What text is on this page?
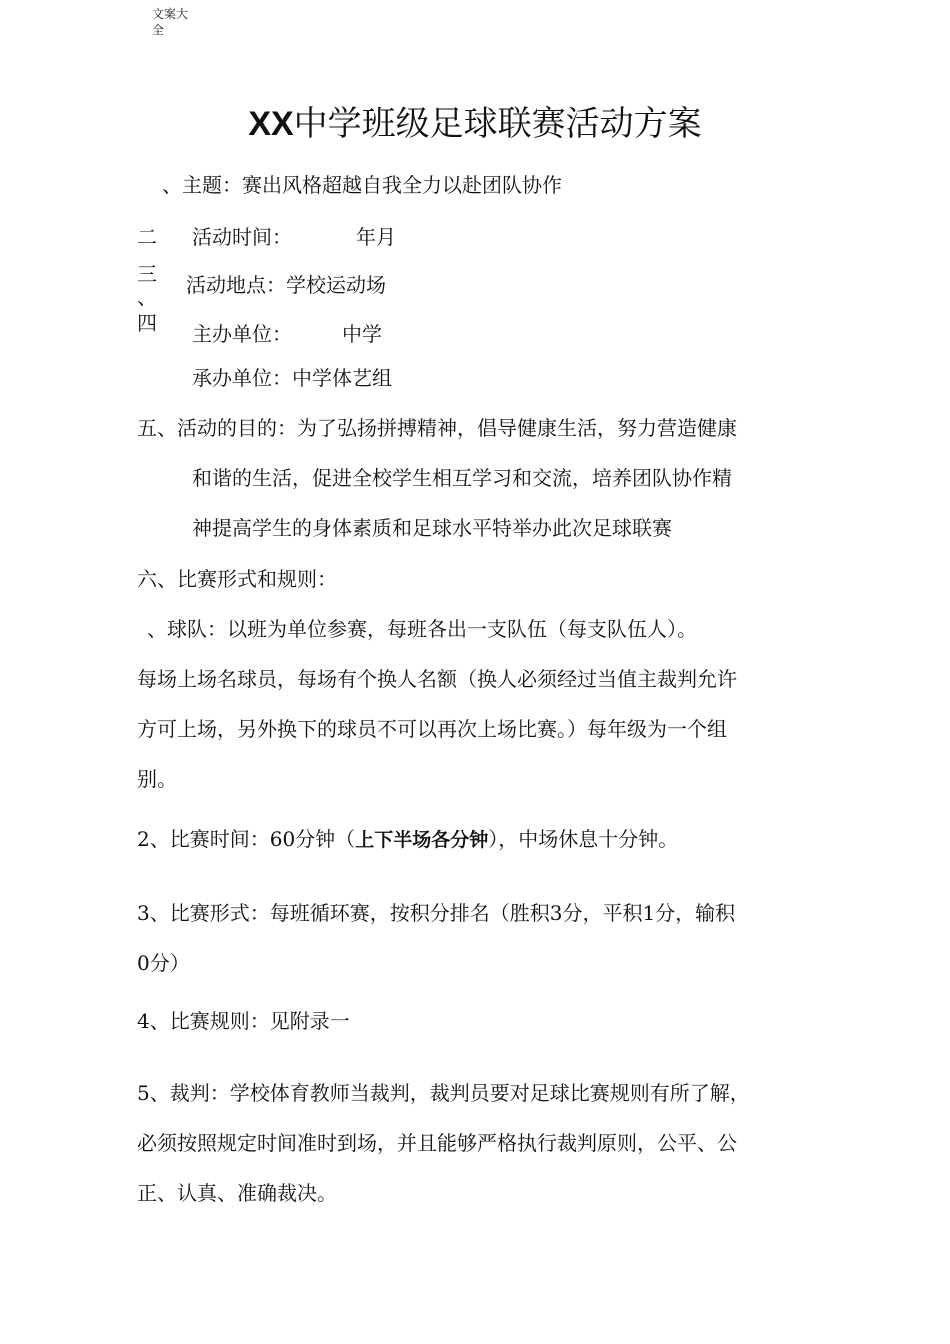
文案大
全
XX中学班级足球联赛活动方案
、主题：赛出风格超越自我全力以赴团队协作
二 活动时间：	年月
三 活动地点：学校运动场
、
四 主办单位：	中学
承办单位：中学体艺组
五、活动的目的：为了弘扬拼搏精神，倡导健康生活，努力营造健康
和谐的生活，促进全校学生相互学习和交流，培养团队协作精
神提高学生的身体素质和足球水平特举办此次足球联赛
六、比赛形式和规则：
、球队：以班为单位参赛，每班各出一支队伍（每支队伍人）。
每场上场名球员，每场有个换人名额（换人必须经过当值主裁判允许
方可上场，另外换下的球员不可以再次上场比赛。）每年级为一个组
别。
2、比赛时间：60分钟（上下半场各分钟），中场休息十分钟。
3、比赛形式：每班循环赛，按积分排名（胜积3分，平积1分，输积
0分）
4、比赛规则：见附录一
5、裁判：学校体育教师当裁判，裁判员要对足球比赛规则有所了解，
必须按照规定时间准时到场，并且能够严格执行裁判原则，公平、公
正、认真、准确裁决。
